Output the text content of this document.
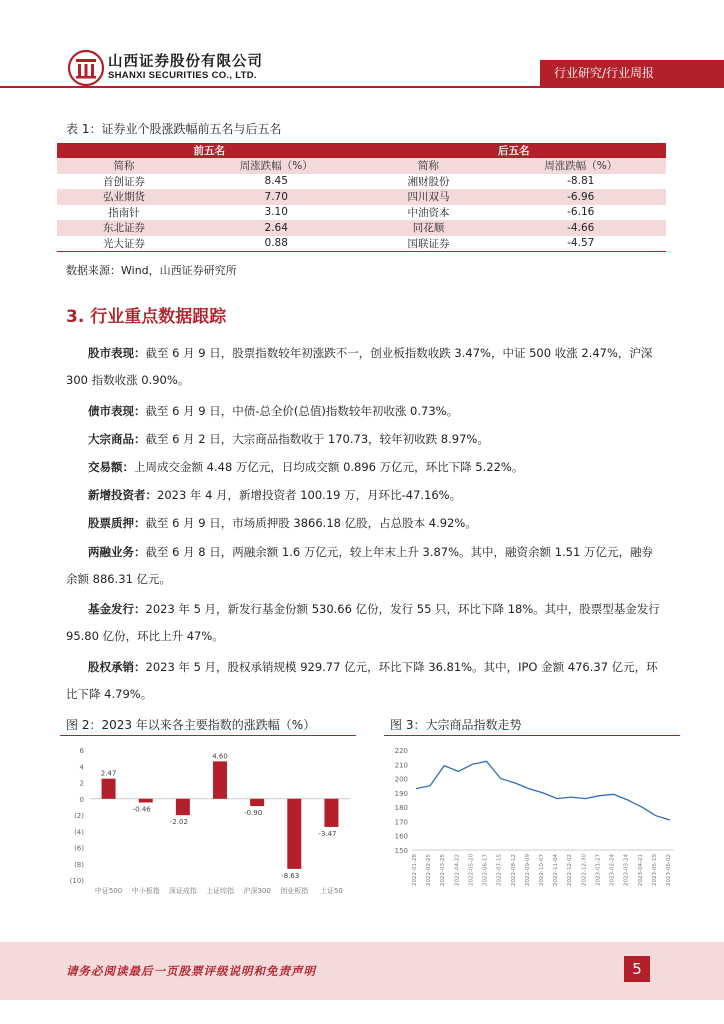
山西证券股份有限公司
SHANXI SECURITIES CO., LTD.	行业研究/行业周报
表 1：证券业个股涨跌幅前五名与后五名
前五名		后五名	
简称	周涨跌幅（%）	简称	周涨跌幅（%）
首创证券	8.45	湘财股份	-8.81
弘业期货	7.70	四川双马	-6.96
指南针	3.10	中油资本	-6.16
东北证券	2.64	同花顺	-4.66
光大证券	0.88	国联证券	-4.57
数据来源：Wind，山西证券研究所
3. 行业重点数据跟踪
股市表现：截至 6 月 9 日，股票指数较年初涨跌不一，创业板指数收跌 3.47%，中证 500 收涨 2.47%，沪深 300 指数收涨 0.90%。
债市表现：截至 6 月 9 日，中债-总全价(总值)指数较年初收涨 0.73%。
大宗商品：截至 6 月 2 日，大宗商品指数收于 170.73，较年初收跌 8.97%。
交易额：上周成交金额 4.48 万亿元，日均成交额 0.896 万亿元，环比下降 5.22%。
新增投资者：2023 年 4 月，新增投资者 100.19 万，月环比-47.16%。
股票质押：截至 6 月 9 日，市场质押股 3866.18 亿股，占总股本 4.92%。
两融业务：截至 6 月 8 日，两融余额 1.6 万亿元，较上年末上升 3.87%。其中，融资余额 1.51 万亿元，融券余额 886.31 亿元。
基金发行：2023 年 5 月，新发行基金份额 530.66 亿份，发行 55 只，环比下降 18%。其中，股票型基金发行 95.80 亿份，环比上升 47%。
股权承销：2023 年 5 月，股权承销规模 929.77 亿元，环比下降 36.81%。其中，IPO 金额 476.37 亿元，环比下降 4.79%。
图 2：2023 年以来各主要指数的涨跌幅（%）
6
4
2
0
(2)
(4)
(6)
(8)
(10)
2.47
中证500
-0.46
中小板指
-2.02
深证成指
4.60
上证综指
-0.90
沪深300
-8.63
创业板指
-3.47
上证50
图 3：大宗商品指数走势
220
210
200
190
180
170
160
150
2022-01-28 2022-02-25 2022-03-25 2022-04-22 2022-05-20 2022-06-17 2022-07-15 2022-08-12 2022-09-09 2022-10-07 2022-11-04 2022-12-02 2022-12-30 2023-01-27 2023-02-24 2023-03-24 2023-04-21 2023-05-19 2023-06-02
请务必阅读最后一页股票评级说明和免责声明	5
